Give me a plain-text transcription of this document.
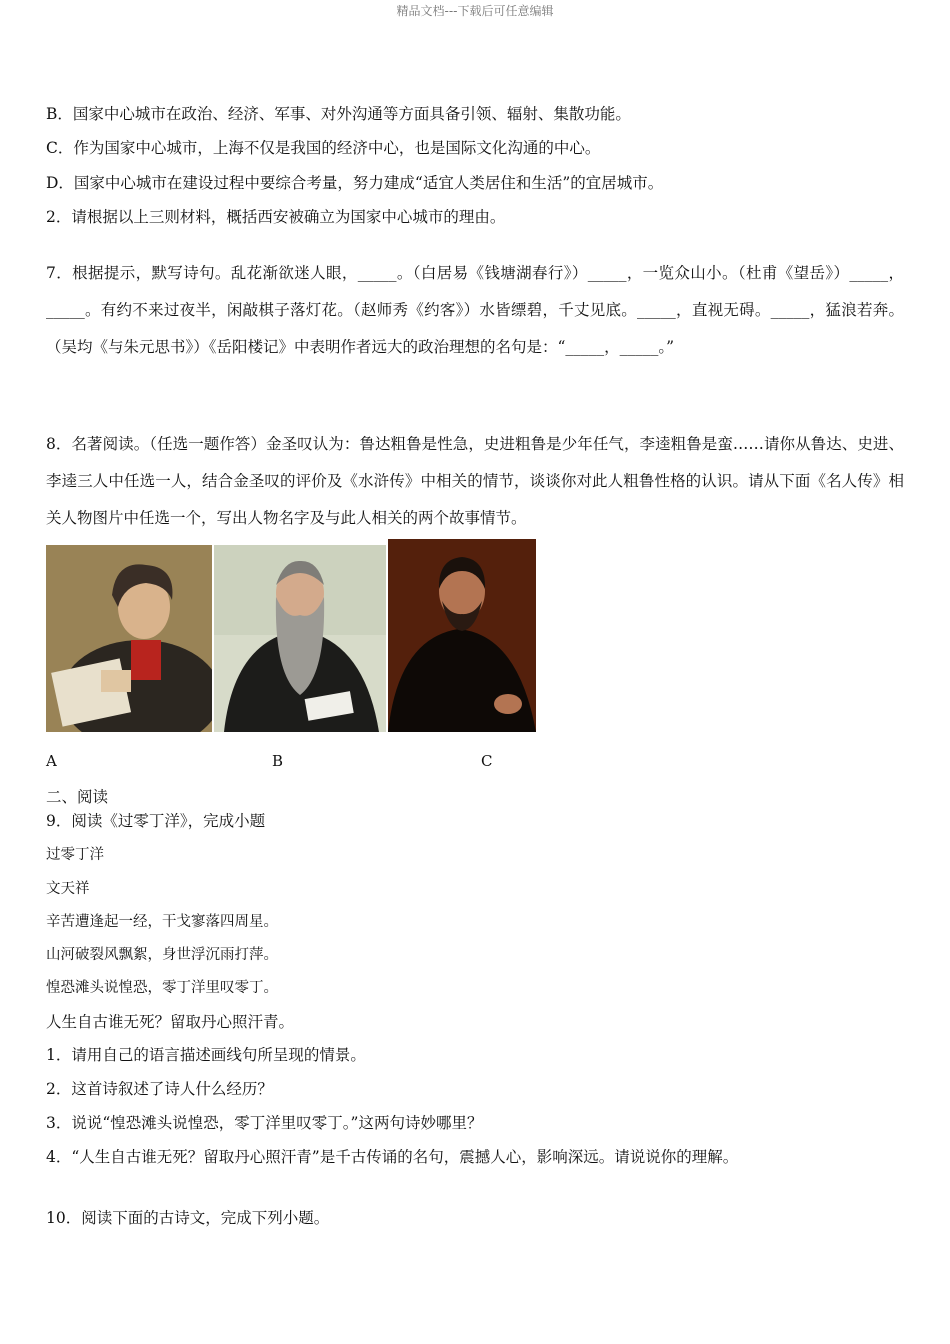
精品文档---下载后可任意编辑
B．国家中心城市在政治、经济、军事、对外沟通等方面具备引领、辐射、集散功能。
C．作为国家中心城市，上海不仅是我国的经济中心，也是国际文化沟通的中心。
D．国家中心城市在建设过程中要综合考量，努力建成“适宜人类居住和生活”的宜居城市。
2．请根据以上三则材料，概括西安被确立为国家中心城市的理由。
7．根据提示，默写诗句。乱花渐欲迷人眼，_____。（白居易《钱塘湖春行》）_____，一览众山小。（杜甫《望岳》）_____，_____。有约不来过夜半，闲敲棋子落灯花。（赵师秀《约客》）水皆缥碧，千丈见底。_____，直视无碍。_____，猛浪若奔。（吴均《与朱元思书》）《岳阳楼记》中表明作者远大的政治理想的名句是：“_____，_____。”
8．名著阅读。（任选一题作答）金圣叹认为：鲁达粗鲁是性急，史进粗鲁是少年任气，李逵粗鲁是蛮……请你从鲁达、史进、李逵三人中任选一人，结合金圣叹的评价及《水浒传》中相关的情节，谈谈你对此人粗鲁性格的认识。请从下面《名人传》相关人物图片中任选一个，写出人物名字及与此人相关的两个故事情节。
A	B	C
二、阅读
9．阅读《过零丁洋》，完成小题
过零丁洋
文天祥
辛苦遭逢起一经，干戈寥落四周星。
山河破裂风飘絮，身世浮沉雨打萍。
惶恐滩头说惶恐，零丁洋里叹零丁。
人生自古谁无死？留取丹心照汗青。
1．请用自己的语言描述画线句所呈现的情景。
2．这首诗叙述了诗人什么经历？
3．说说“惶恐滩头说惶恐，零丁洋里叹零丁。”这两句诗妙哪里？
4．“人生自古谁无死？留取丹心照汗青”是千古传诵的名句，震撼人心，影响深远。请说说你的理解。
10．阅读下面的古诗文，完成下列小题。
